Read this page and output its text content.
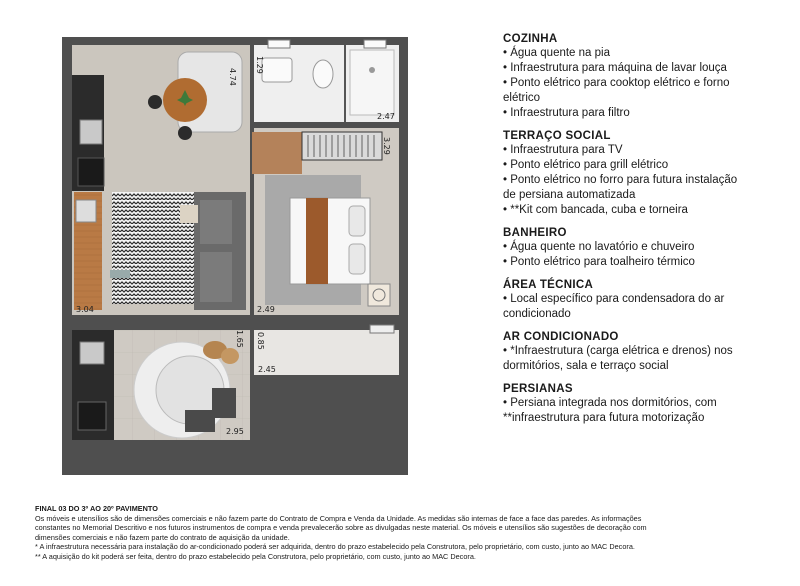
4.74
1.29
2.47
3.29
3.04	2.49
1.65 0.85
2.45
2.95
COZINHA
• Água quente na pia
• Infraestrutura para máquina de lavar louça
• Ponto elétrico para cooktop elétrico e forno
elétrico
• Infraestrutura para filtro
TERRAÇO SOCIAL
• Infraestrutura para TV
• Ponto elétrico para grill elétrico
• Ponto elétrico no forro para futura instalação
de persiana automatizada
• **Kit com bancada, cuba e torneira
BANHEIRO
• Água quente no lavatório e chuveiro
• Ponto elétrico para toalheiro térmico
ÁREA TÉCNICA
• Local específico para condensadora do ar
condicionado
AR CONDICIONADO
• *Infraestrutura (carga elétrica e drenos) nos
dormitórios, sala e terraço social
PERSIANAS
• Persiana integrada nos dormitórios, com
**infraestrutura para futura motorização

FINAL 03 DO 3º AO 20º PAVIMENTO

Os móveis e utensílios são de dimensões comerciais e não fazem parte do Contrato de Compra e Venda da Unidade. As medidas são internas de face a face das paredes. As informações

constantes no Memorial Descritivo e nos futuros instrumentos de compra e venda prevalecerão sobre as divulgadas neste material. Os móveis e utensílios são sugestões de decoração com

dimensões comerciais e não fazem parte do contrato de aquisição da unidade.

* A infraestrutura necessária para instalação do ar-condicionado poderá ser adquirida, dentro do prazo estabelecido pela Construtora, pelo proprietário, com custo, junto ao MAC Decora.

** A aquisição do kit poderá ser feita, dentro do prazo estabelecido pela Construtora, pelo proprietário, com custo, junto ao MAC Decora.
